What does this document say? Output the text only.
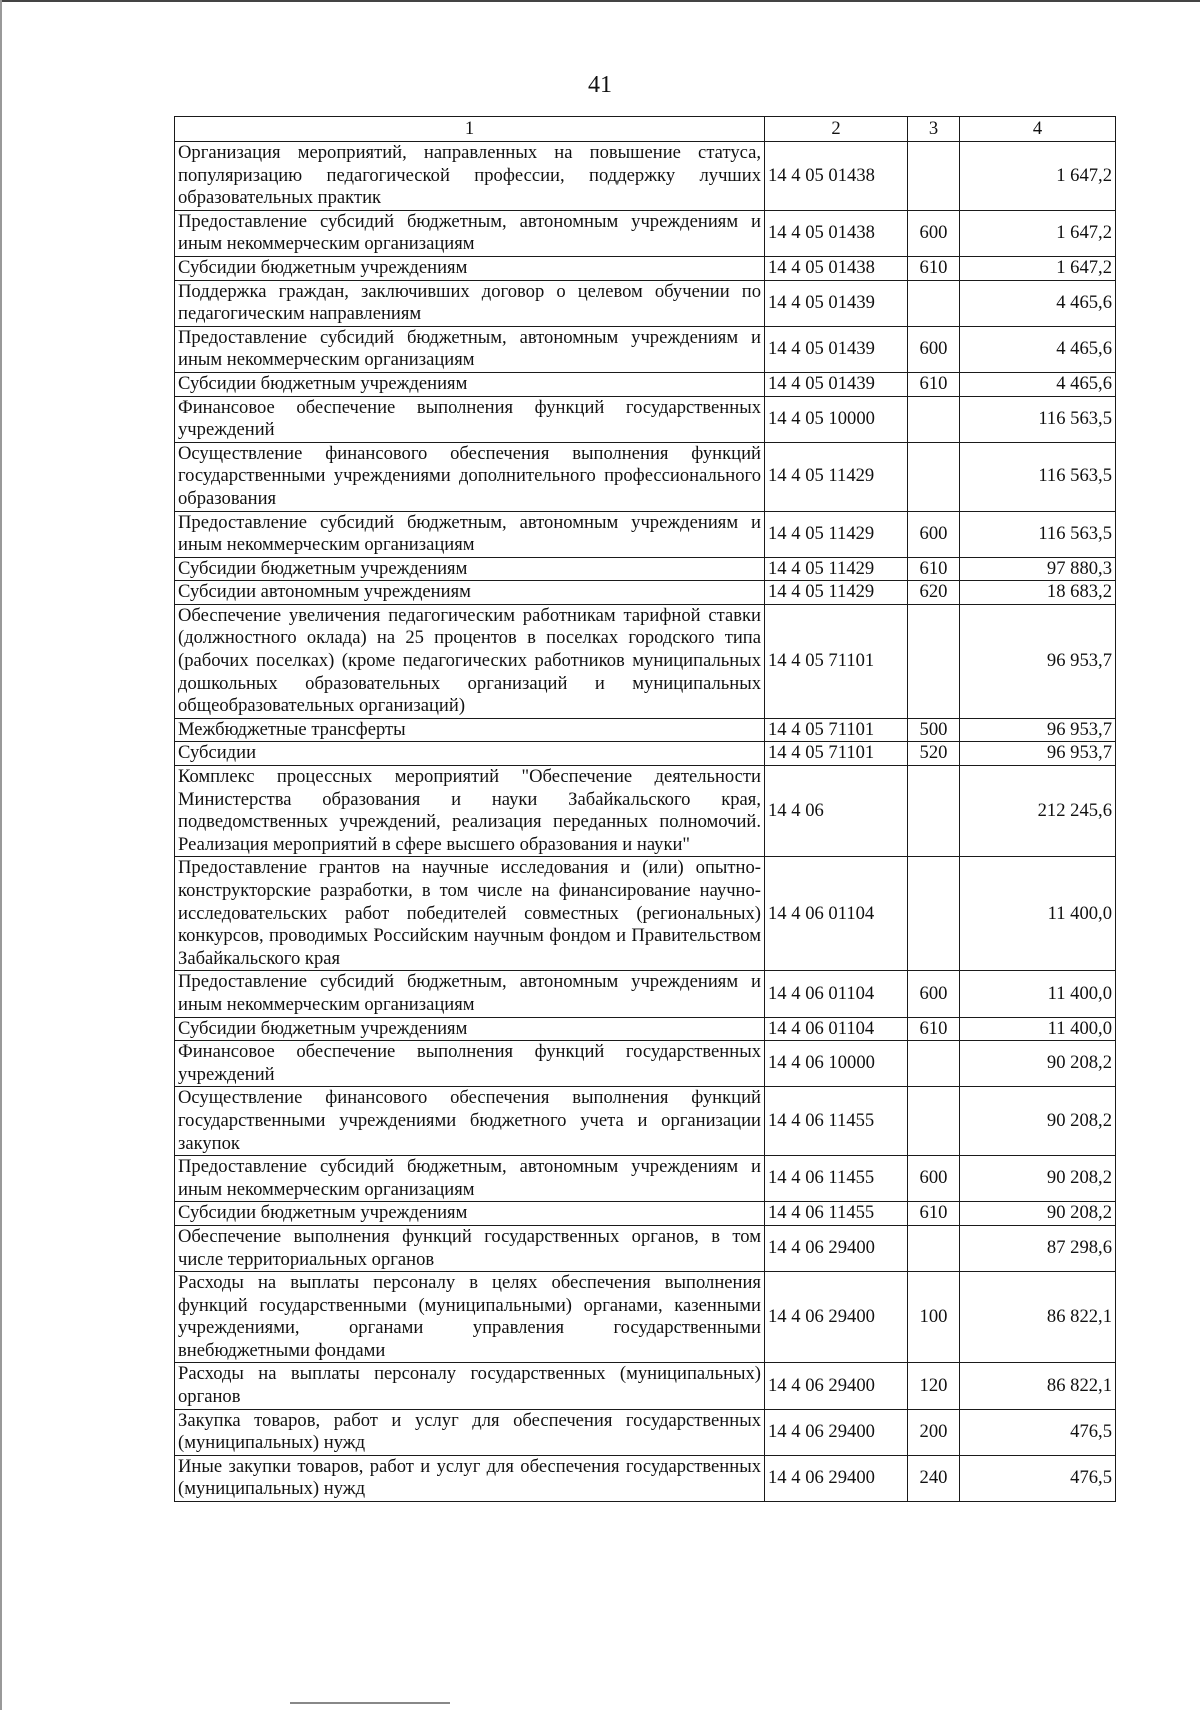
41
1	2	3	4
Организация мероприятий, направленных на повышение статуса, популяризацию педагогической профессии, поддержку лучших образовательных практик	14 4 05 01438		1 647,2
Предоставление субсидий бюджетным, автономным учреждениям и иным некоммерческим организациям	14 4 05 01438	600	1 647,2
Субсидии бюджетным учреждениям	14 4 05 01438	610	1 647,2
Поддержка граждан, заключивших договор о целевом обучении по педагогическим направлениям	14 4 05 01439		4 465,6
Предоставление субсидий бюджетным, автономным учреждениям и иным некоммерческим организациям	14 4 05 01439	600	4 465,6
Субсидии бюджетным учреждениям	14 4 05 01439	610	4 465,6
Финансовое обеспечение выполнения функций государственных учреждений	14 4 05 10000		116 563,5
Осуществление финансового обеспечения выполнения функций государственными учреждениями дополнительного профессионального образования	14 4 05 11429		116 563,5
Предоставление субсидий бюджетным, автономным учреждениям и иным некоммерческим организациям	14 4 05 11429	600	116 563,5
Субсидии бюджетным учреждениям	14 4 05 11429	610	97 880,3
Субсидии автономным учреждениям	14 4 05 11429	620	18 683,2
Обеспечение увеличения педагогическим работникам тарифной ставки (должностного оклада) на 25 процентов в поселках городского типа (рабочих поселках) (кроме педагогических работников муниципальных дошкольных образовательных организаций и муниципальных общеобразовательных организаций)	14 4 05 71101		96 953,7
Межбюджетные трансферты	14 4 05 71101	500	96 953,7
Субсидии	14 4 05 71101	520	96 953,7
Комплекс процессных мероприятий "Обеспечение деятельности Министерства образования и науки Забайкальского края, подведомственных учреждений, реализация переданных полномочий. Реализация мероприятий в сфере высшего образования и науки"	14 4 06		212 245,6
Предоставление грантов на научные исследования и (или) опытно-конструкторские разработки, в том числе на финансирование научно-исследовательских работ победителей совместных (региональных) конкурсов, проводимых Российским научным фондом и Правительством Забайкальского края	14 4 06 01104		11 400,0
Предоставление субсидий бюджетным, автономным учреждениям и иным некоммерческим организациям	14 4 06 01104	600	11 400,0
Субсидии бюджетным учреждениям	14 4 06 01104	610	11 400,0
Финансовое обеспечение выполнения функций государственных учреждений	14 4 06 10000		90 208,2
Осуществление финансового обеспечения выполнения функций государственными учреждениями бюджетного учета и организации закупок	14 4 06 11455		90 208,2
Предоставление субсидий бюджетным, автономным учреждениям и иным некоммерческим организациям	14 4 06 11455	600	90 208,2
Субсидии бюджетным учреждениям	14 4 06 11455	610	90 208,2
Обеспечение выполнения функций государственных органов, в том числе территориальных органов	14 4 06 29400		87 298,6
Расходы на выплаты персоналу в целях обеспечения выполнения функций государственными (муниципальными) органами, казенными учреждениями, органами управления государственными внебюджетными фондами	14 4 06 29400	100	86 822,1
Расходы на выплаты персоналу государственных (муниципальных) органов	14 4 06 29400	120	86 822,1
Закупка товаров, работ и услуг для обеспечения государственных (муниципальных) нужд	14 4 06 29400	200	476,5
Иные закупки товаров, работ и услуг для обеспечения государственных (муниципальных) нужд	14 4 06 29400	240	476,5
